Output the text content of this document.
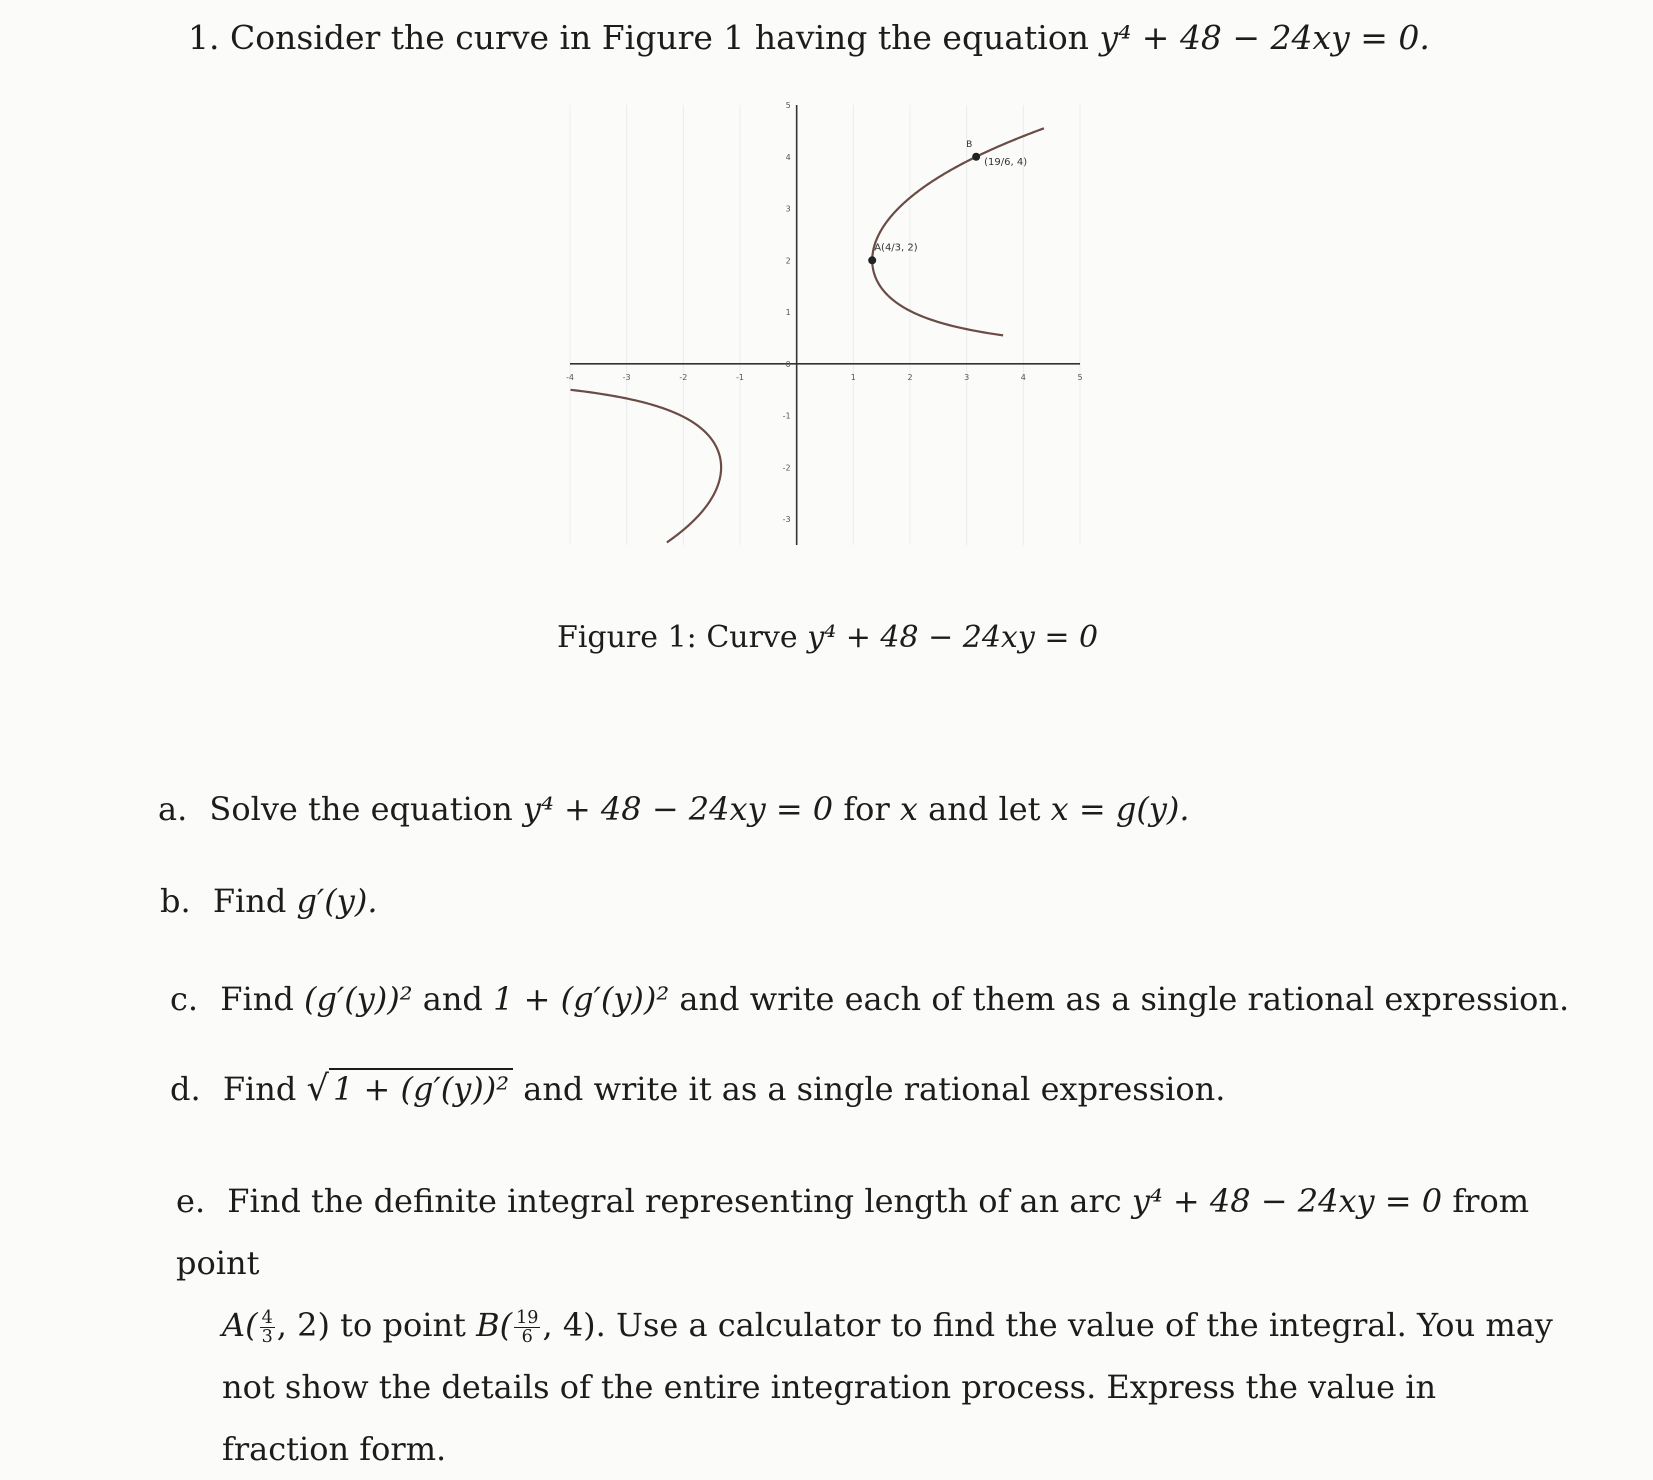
1. Consider the curve in Figure 1 having the equation y⁴ + 48 − 24xy = 0.
-4	-3	-2	-1	1	2	3	4	5
-3
-2
-1
0
1
2
3
4
5
A(4/3, 2)
(19/6, 4)
B
Figure 1: Curve y⁴ + 48 − 24xy = 0
a. Solve the equation y⁴ + 48 − 24xy = 0 for x and let x = g(y).
b. Find g′(y).
c. Find (g′(y))² and 1 + (g′(y))² and write each of them as a single rational expression.
d. Find √ 1 + (g′(y))² and write it as a single rational expression.
e. Find the definite integral representing length of an arc y⁴ + 48 − 24xy = 0 from point
$A( \frac{4}{3}$ , 2) to point $B( \frac{19}{6}$ , 4). Use a calculator to find the value of the integral. You may not show the details of the entire integration process. Express the value in fraction form.
